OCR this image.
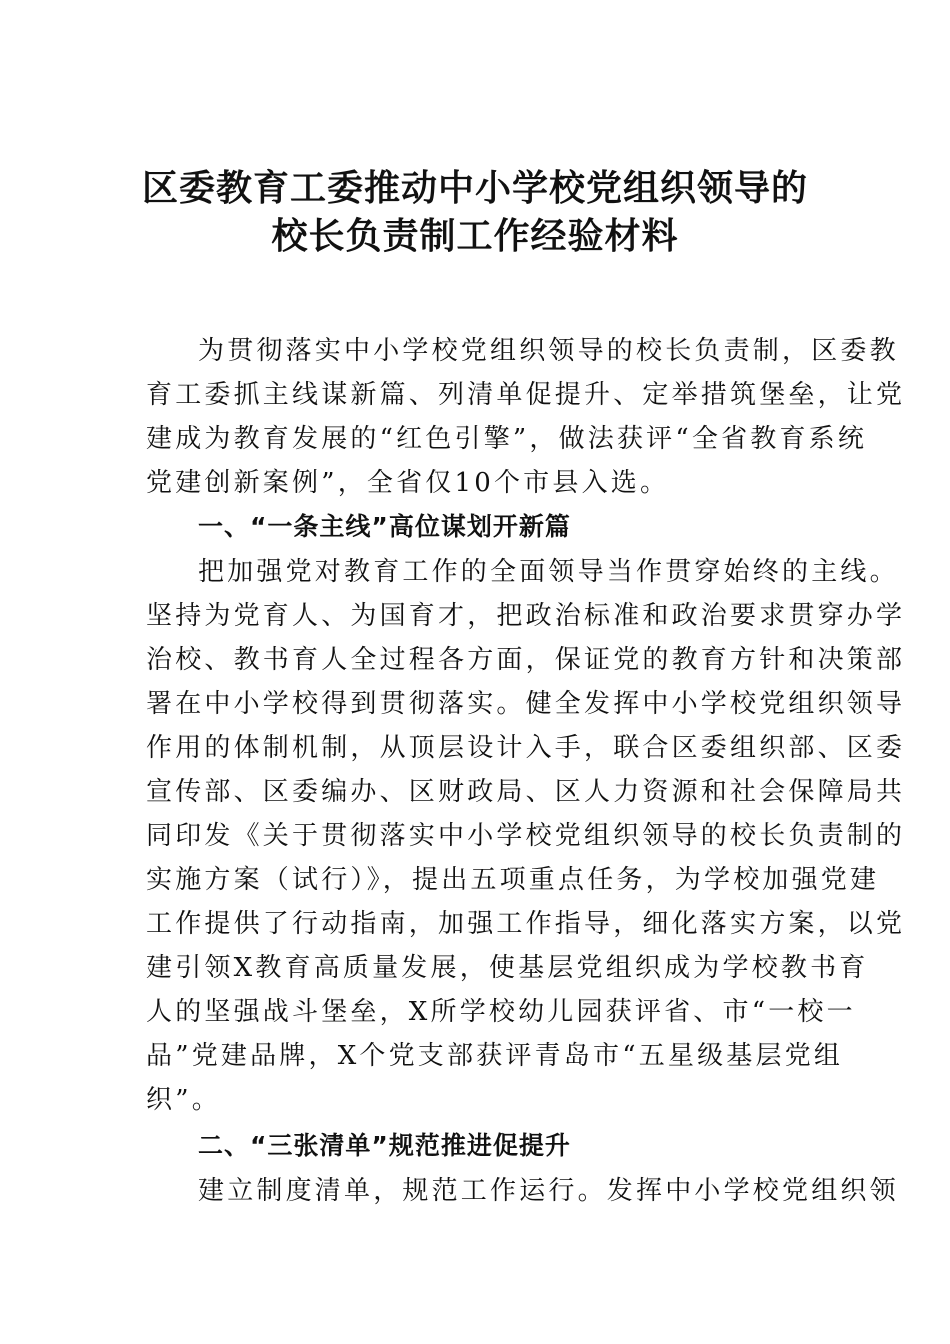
区委教育工委推动中小学校党组织领导的
校长负责制工作经验材料
为贯彻落实中小学校党组织领导的校长负责制，区委教
育工委抓主线谋新篇、列清单促提升、定举措筑堡垒，让党
建成为教育发展的“红色引擎”，做法获评“全省教育系统
党建创新案例”，全省仅10个市县入选。
一、“一条主线”高位谋划开新篇
把加强党对教育工作的全面领导当作贯穿始终的主线。
坚持为党育人、为国育才，把政治标准和政治要求贯穿办学
治校、教书育人全过程各方面，保证党的教育方针和决策部
署在中小学校得到贯彻落实。健全发挥中小学校党组织领导
作用的体制机制，从顶层设计入手，联合区委组织部、区委
宣传部、区委编办、区财政局、区人力资源和社会保障局共
同印发《关于贯彻落实中小学校党组织领导的校长负责制的
实施方案（试行）》，提出五项重点任务，为学校加强党建
工作提供了行动指南，加强工作指导，细化落实方案，以党
建引领X教育高质量发展，使基层党组织成为学校教书育
人的坚强战斗堡垒，X所学校幼儿园获评省、市“一校一
品”党建品牌，X个党支部获评青岛市“五星级基层党组
织”。
二、“三张清单”规范推进促提升
建立制度清单，规范工作运行。发挥中小学校党组织领
